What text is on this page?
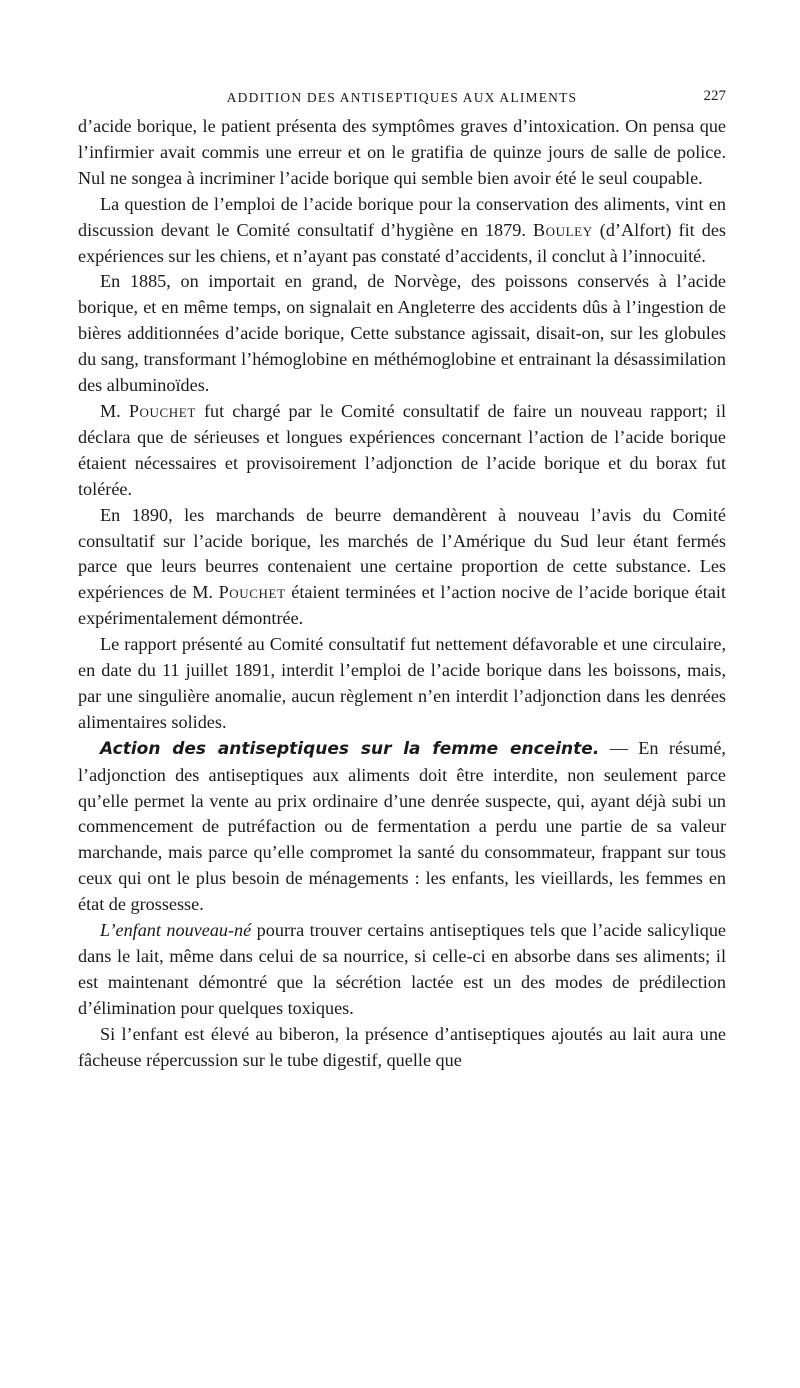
ADDITION DES ANTISEPTIQUES AUX ALIMENTS	227

d’acide borique, le patient présenta des symptômes graves d’intoxication. On pensa que l’infirmier avait commis une erreur et on le gratifia de quinze jours de salle de police. Nul ne songea à incriminer l’acide borique qui semble bien avoir été le seul coupable.

La question de l’emploi de l’acide borique pour la conservation des aliments, vint en discussion devant le Comité consultatif d’hygiène en 1879. Bouley (d’Alfort) fit des expériences sur les chiens, et n’ayant pas constaté d’accidents, il conclut à l’innocuité.

En 1885, on importait en grand, de Norvège, des poissons conservés à l’acide borique, et en même temps, on signalait en Angleterre des accidents dûs à l’ingestion de bières additionnées d’acide borique, Cette substance agissait, disait-on, sur les globules du sang, transformant l’hémoglobine en méthémoglobine et entrainant la désassimilation des albuminoïdes.

M. Pouchet fut chargé par le Comité consultatif de faire un nouveau rapport; il déclara que de sérieuses et longues expériences concernant l’action de l’acide borique étaient nécessaires et provisoirement l’adjonction de l’acide borique et du borax fut tolérée.

En 1890, les marchands de beurre demandèrent à nouveau l’avis du Comité consultatif sur l’acide borique, les marchés de l’Amérique du Sud leur étant fermés parce que leurs beurres contenaient une certaine proportion de cette substance. Les expériences de M. Pouchet étaient terminées et l’action nocive de l’acide borique était expérimentalement démontrée.

Le rapport présenté au Comité consultatif fut nettement défavorable et une circulaire, en date du 11 juillet 1891, interdit l’emploi de l’acide borique dans les boissons, mais, par une singulière anomalie, aucun règlement n’en interdit l’adjonction dans les denrées alimentaires solides.

Action des antiseptiques sur la femme enceinte. — En résumé, l’adjonction des antiseptiques aux aliments doit être interdite, non seulement parce qu’elle permet la vente au prix ordinaire d’une denrée suspecte, qui, ayant déjà subi un commencement de putréfaction ou de fermentation a perdu une partie de sa valeur marchande, mais parce qu’elle compromet la santé du consommateur, frappant sur tous ceux qui ont le plus besoin de ménagements : les enfants, les vieillards, les femmes en état de grossesse.

L’enfant nouveau-né pourra trouver certains antiseptiques tels que l’acide salicylique dans le lait, même dans celui de sa nourrice, si celle-ci en absorbe dans ses aliments; il est maintenant démontré que la sécrétion lactée est un des modes de prédilection d’élimination pour quelques toxiques.

Si l’enfant est élevé au biberon, la présence d’antiseptiques ajoutés au lait aura une fâcheuse répercussion sur le tube digestif, quelle que
